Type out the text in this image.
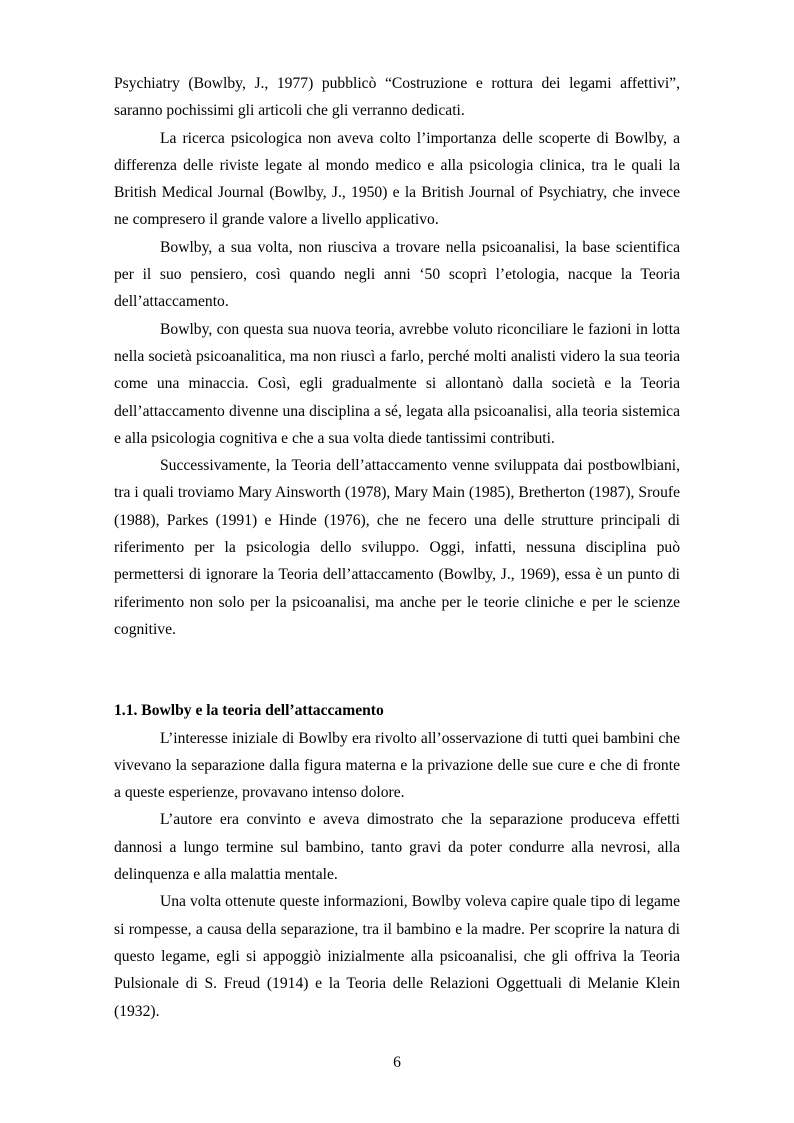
Psychiatry (Bowlby, J., 1977) pubblicò “Costruzione e rottura dei legami affettivi”, saranno pochissimi gli articoli che gli verranno dedicati.

La ricerca psicologica non aveva colto l’importanza delle scoperte di Bowlby, a differenza delle riviste legate al mondo medico e alla psicologia clinica, tra le quali la British Medical Journal (Bowlby, J., 1950) e la British Journal of Psychiatry, che invece ne compresero il grande valore a livello applicativo.

Bowlby, a sua volta, non riusciva a trovare nella psicoanalisi, la base scientifica per il suo pensiero, così quando negli anni ‘50 scoprì l’etologia, nacque la Teoria dell’attaccamento.

Bowlby, con questa sua nuova teoria, avrebbe voluto riconciliare le fazioni in lotta nella società psicoanalitica, ma non riuscì a farlo, perché molti analisti videro la sua teoria come una minaccia. Così, egli gradualmente si allontanò dalla società e la Teoria dell’attaccamento divenne una disciplina a sé, legata alla psicoanalisi, alla teoria sistemica e alla psicologia cognitiva e che a sua volta diede tantissimi contributi.

Successivamente, la Teoria dell’attaccamento venne sviluppata dai postbowlbiani, tra i quali troviamo Mary Ainsworth (1978), Mary Main (1985), Bretherton (1987), Sroufe (1988), Parkes (1991) e Hinde (1976), che ne fecero una delle strutture principali di riferimento per la psicologia dello sviluppo. Oggi, infatti, nessuna disciplina può permettersi di ignorare la Teoria dell’attaccamento (Bowlby, J., 1969), essa è un punto di riferimento non solo per la psicoanalisi, ma anche per le teorie cliniche e per le scienze cognitive.

1.1. Bowlby e la teoria dell’attaccamento

L’interesse iniziale di Bowlby era rivolto all’osservazione di tutti quei bambini che vivevano la separazione dalla figura materna e la privazione delle sue cure e che di fronte a queste esperienze, provavano intenso dolore.

L’autore era convinto e aveva dimostrato che la separazione produceva effetti dannosi a lungo termine sul bambino, tanto gravi da poter condurre alla nevrosi, alla delinquenza e alla malattia mentale.

Una volta ottenute queste informazioni, Bowlby voleva capire quale tipo di legame si rompesse, a causa della separazione, tra il bambino e la madre. Per scoprire la natura di questo legame, egli si appoggiò inizialmente alla psicoanalisi, che gli offriva la Teoria Pulsionale di S. Freud (1914) e la Teoria delle Relazioni Oggettuali di Melanie Klein (1932).

6
